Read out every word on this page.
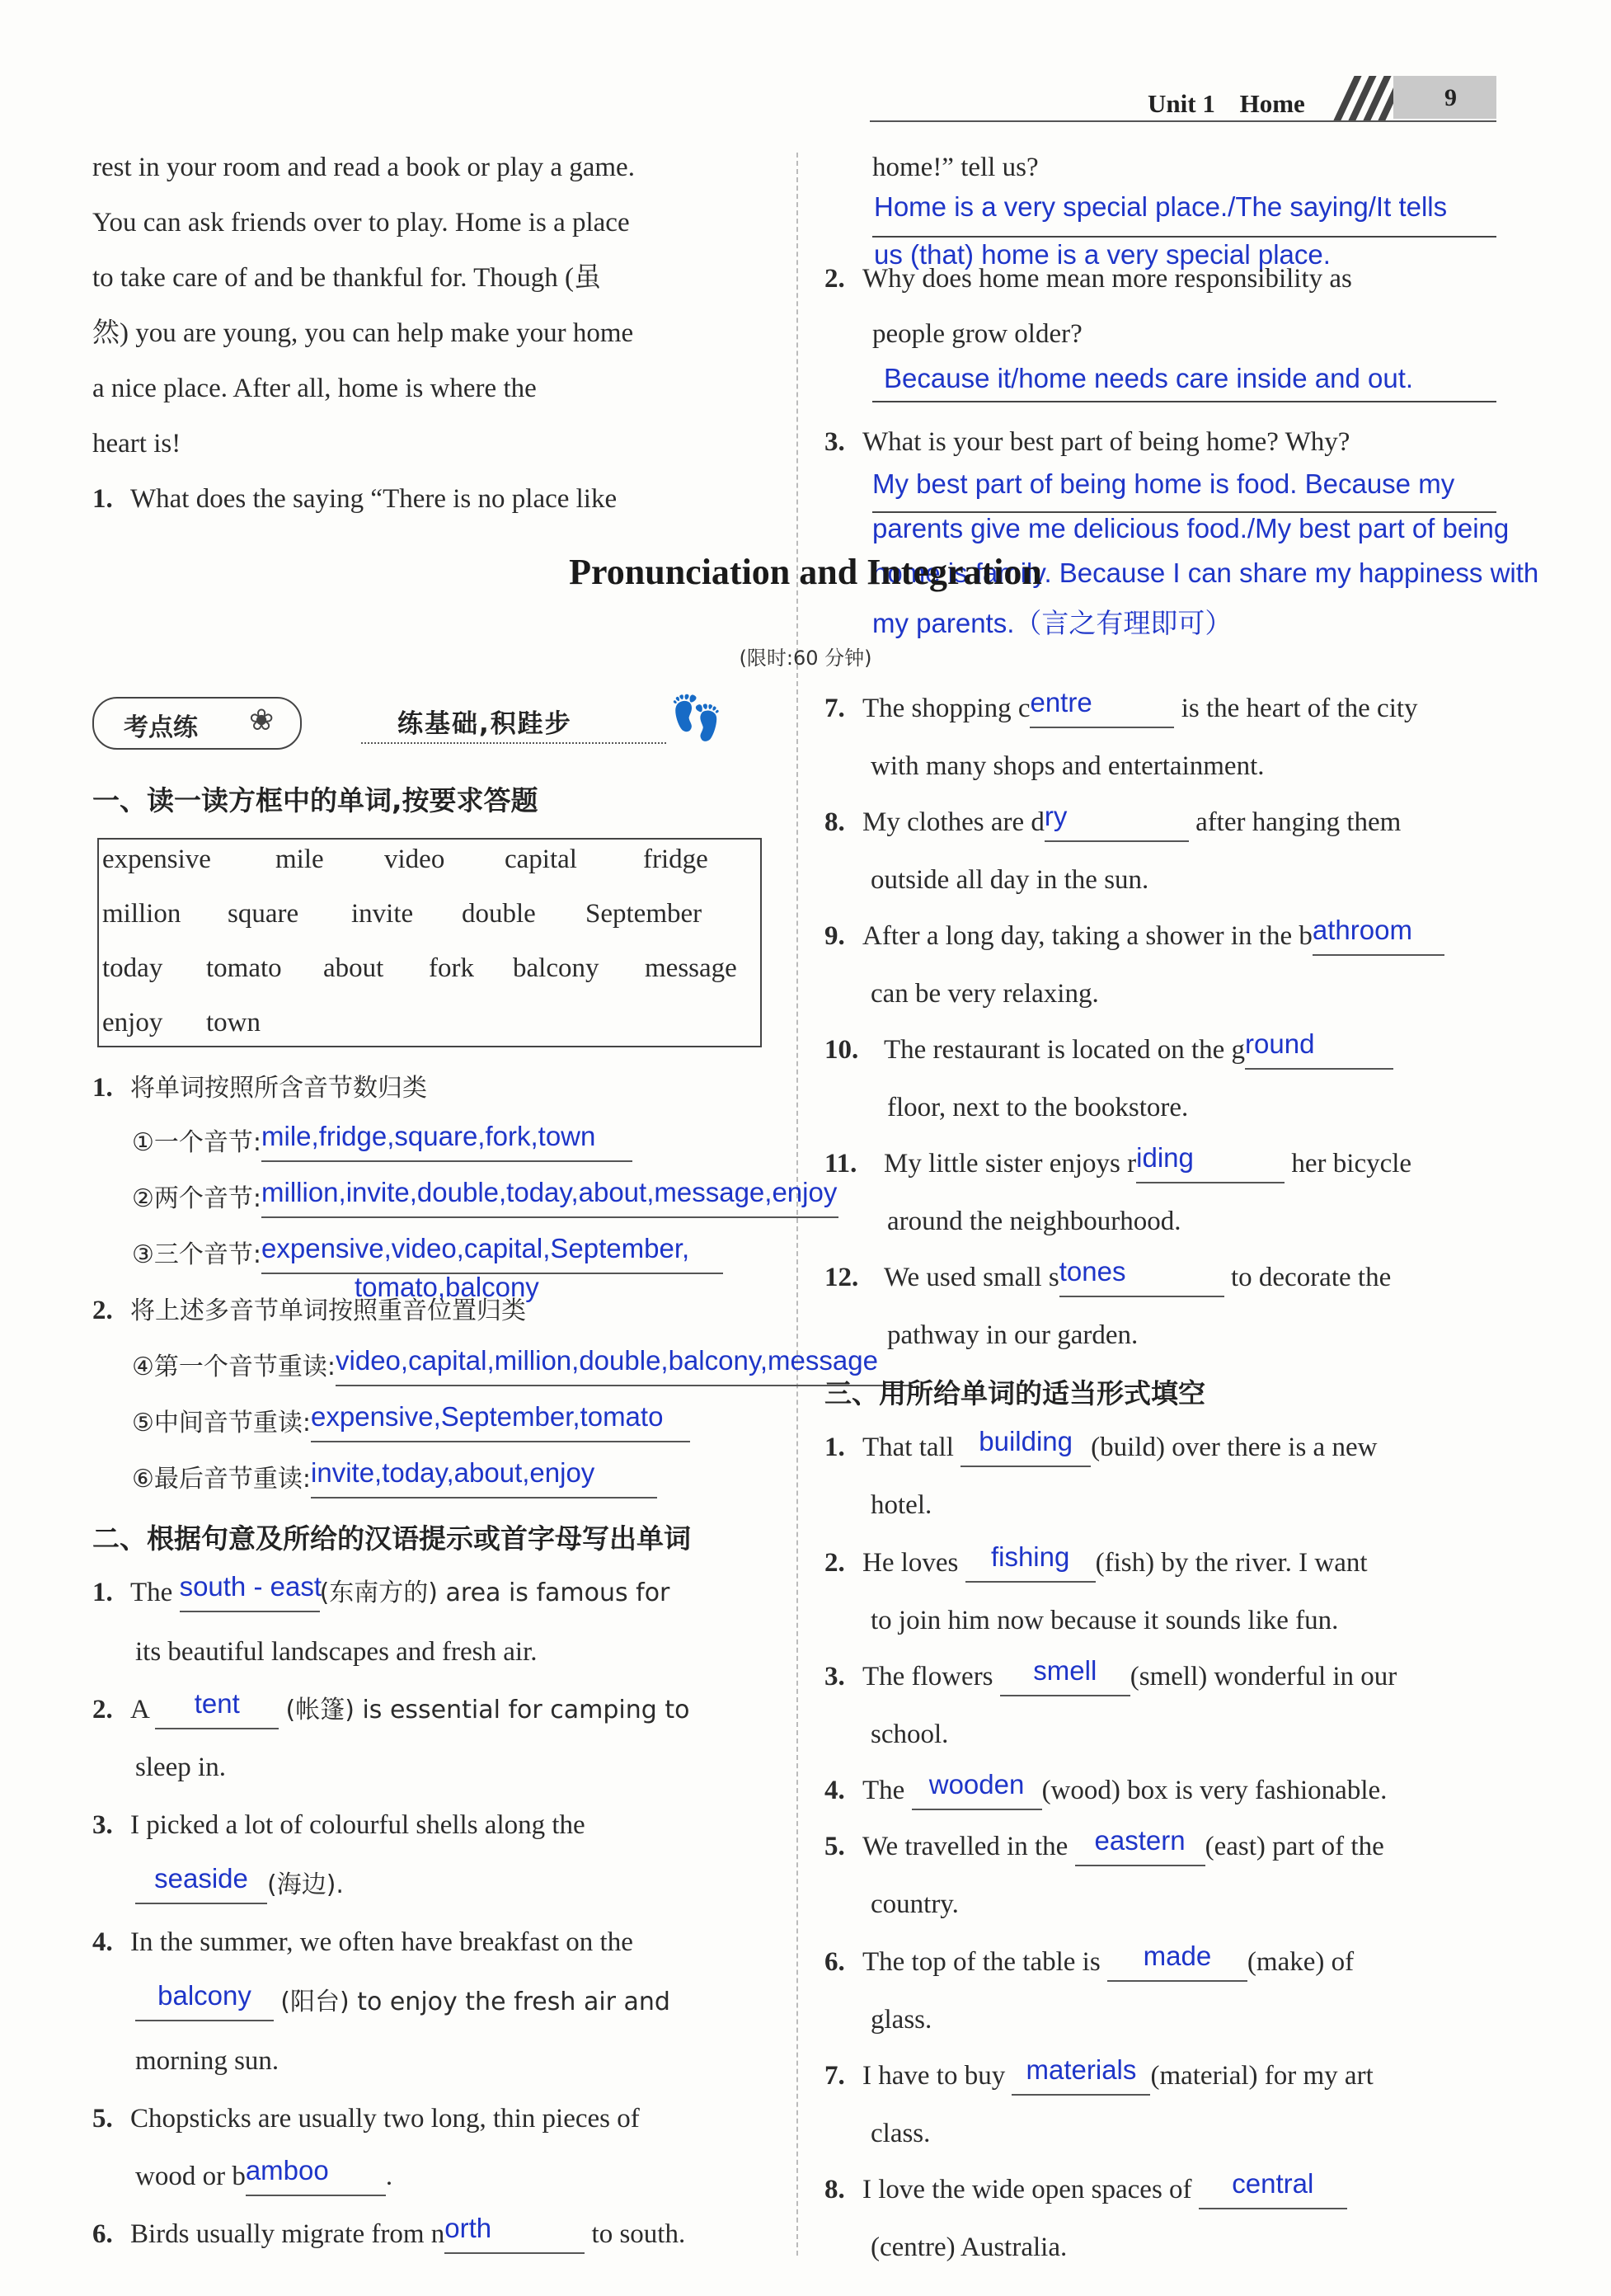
Unit 1 Home	9
rest in your room and read a book or play a game.
You can ask friends over to play. Home is a place
to take care of and be thankful for. Though (虽
然) you are young, you can help make your home
a nice place. After all, home is where the
heart is!
1. What does the saying “There is no place like
home!” tell us?
Home is a very special place./The saying/It tells
us (that) home is a very special place.
2. Why does home mean more responsibility as
people grow older?
Because it/home needs care inside and out.
3. What is your best part of being home? Why?
My best part of being home is food. Because my
parents give me delicious food./My best part of being
home is family. Because I can share my happiness with
my parents.（言之有理即可）
Pronunciation and Integration
(限时:60 分钟)
考点练 ❀	练基础,积跬步 👣
一、读一读方框中的单词,按要求答题
expensive mile video capital fridge
million square invite double September
today tomato about fork balcony message
enjoy town
1. 将单词按照所含音节数归类
①一个音节:mile,fridge,square,fork,town
②两个音节:million,invite,double,today,about,message,enjoy
③三个音节:expensive,video,capital,September,
tomato,balcony
2. 将上述多音节单词按照重音位置归类
④第一个音节重读:video,capital,million,double,balcony,message
⑤中间音节重读:expensive,September,tomato
⑥最后音节重读:invite,today,about,enjoy
二、根据句意及所给的汉语提示或首字母写出单词
1. The south - east(东南方的) area is famous for
its beautiful landscapes and fresh air.
2. A tent (帐篷) is essential for camping to
sleep in.
3. I picked a lot of colourful shells along the
seaside (海边).
4. In the summer, we often have breakfast on the
balcony (阳台) to enjoy the fresh air and
morning sun.
5. Chopsticks are usually two long, thin pieces of
wood or bamboo .
6. Birds usually migrate from north	to south.
7. The shopping centre	is the heart of the city
with many shops and entertainment.
8. My clothes are dry	after hanging them
outside all day in the sun.
9. After a long day, taking a shower in the bathroom
can be very relaxing.
10. The restaurant is located on the ground
floor, next to the bookstore.
11. My little sister enjoys riding	her bicycle
around the neighbourhood.
12. We used small stones	to decorate the
pathway in our garden.
三、用所给单词的适当形式填空
1. That tall building (build) over there is a new
hotel.
2. He loves fishing (fish) by the river. I want
to join him now because it sounds like fun.
3. The flowers smell (smell) wonderful in our
school.
4. The wooden (wood) box is very fashionable.
5. We travelled in the eastern (east) part of the
country.
6. The top of the table is made (make) of
glass.
7. I have to buy materials (material) for my art
class.
8. I love the wide open spaces of central
(centre) Australia.
